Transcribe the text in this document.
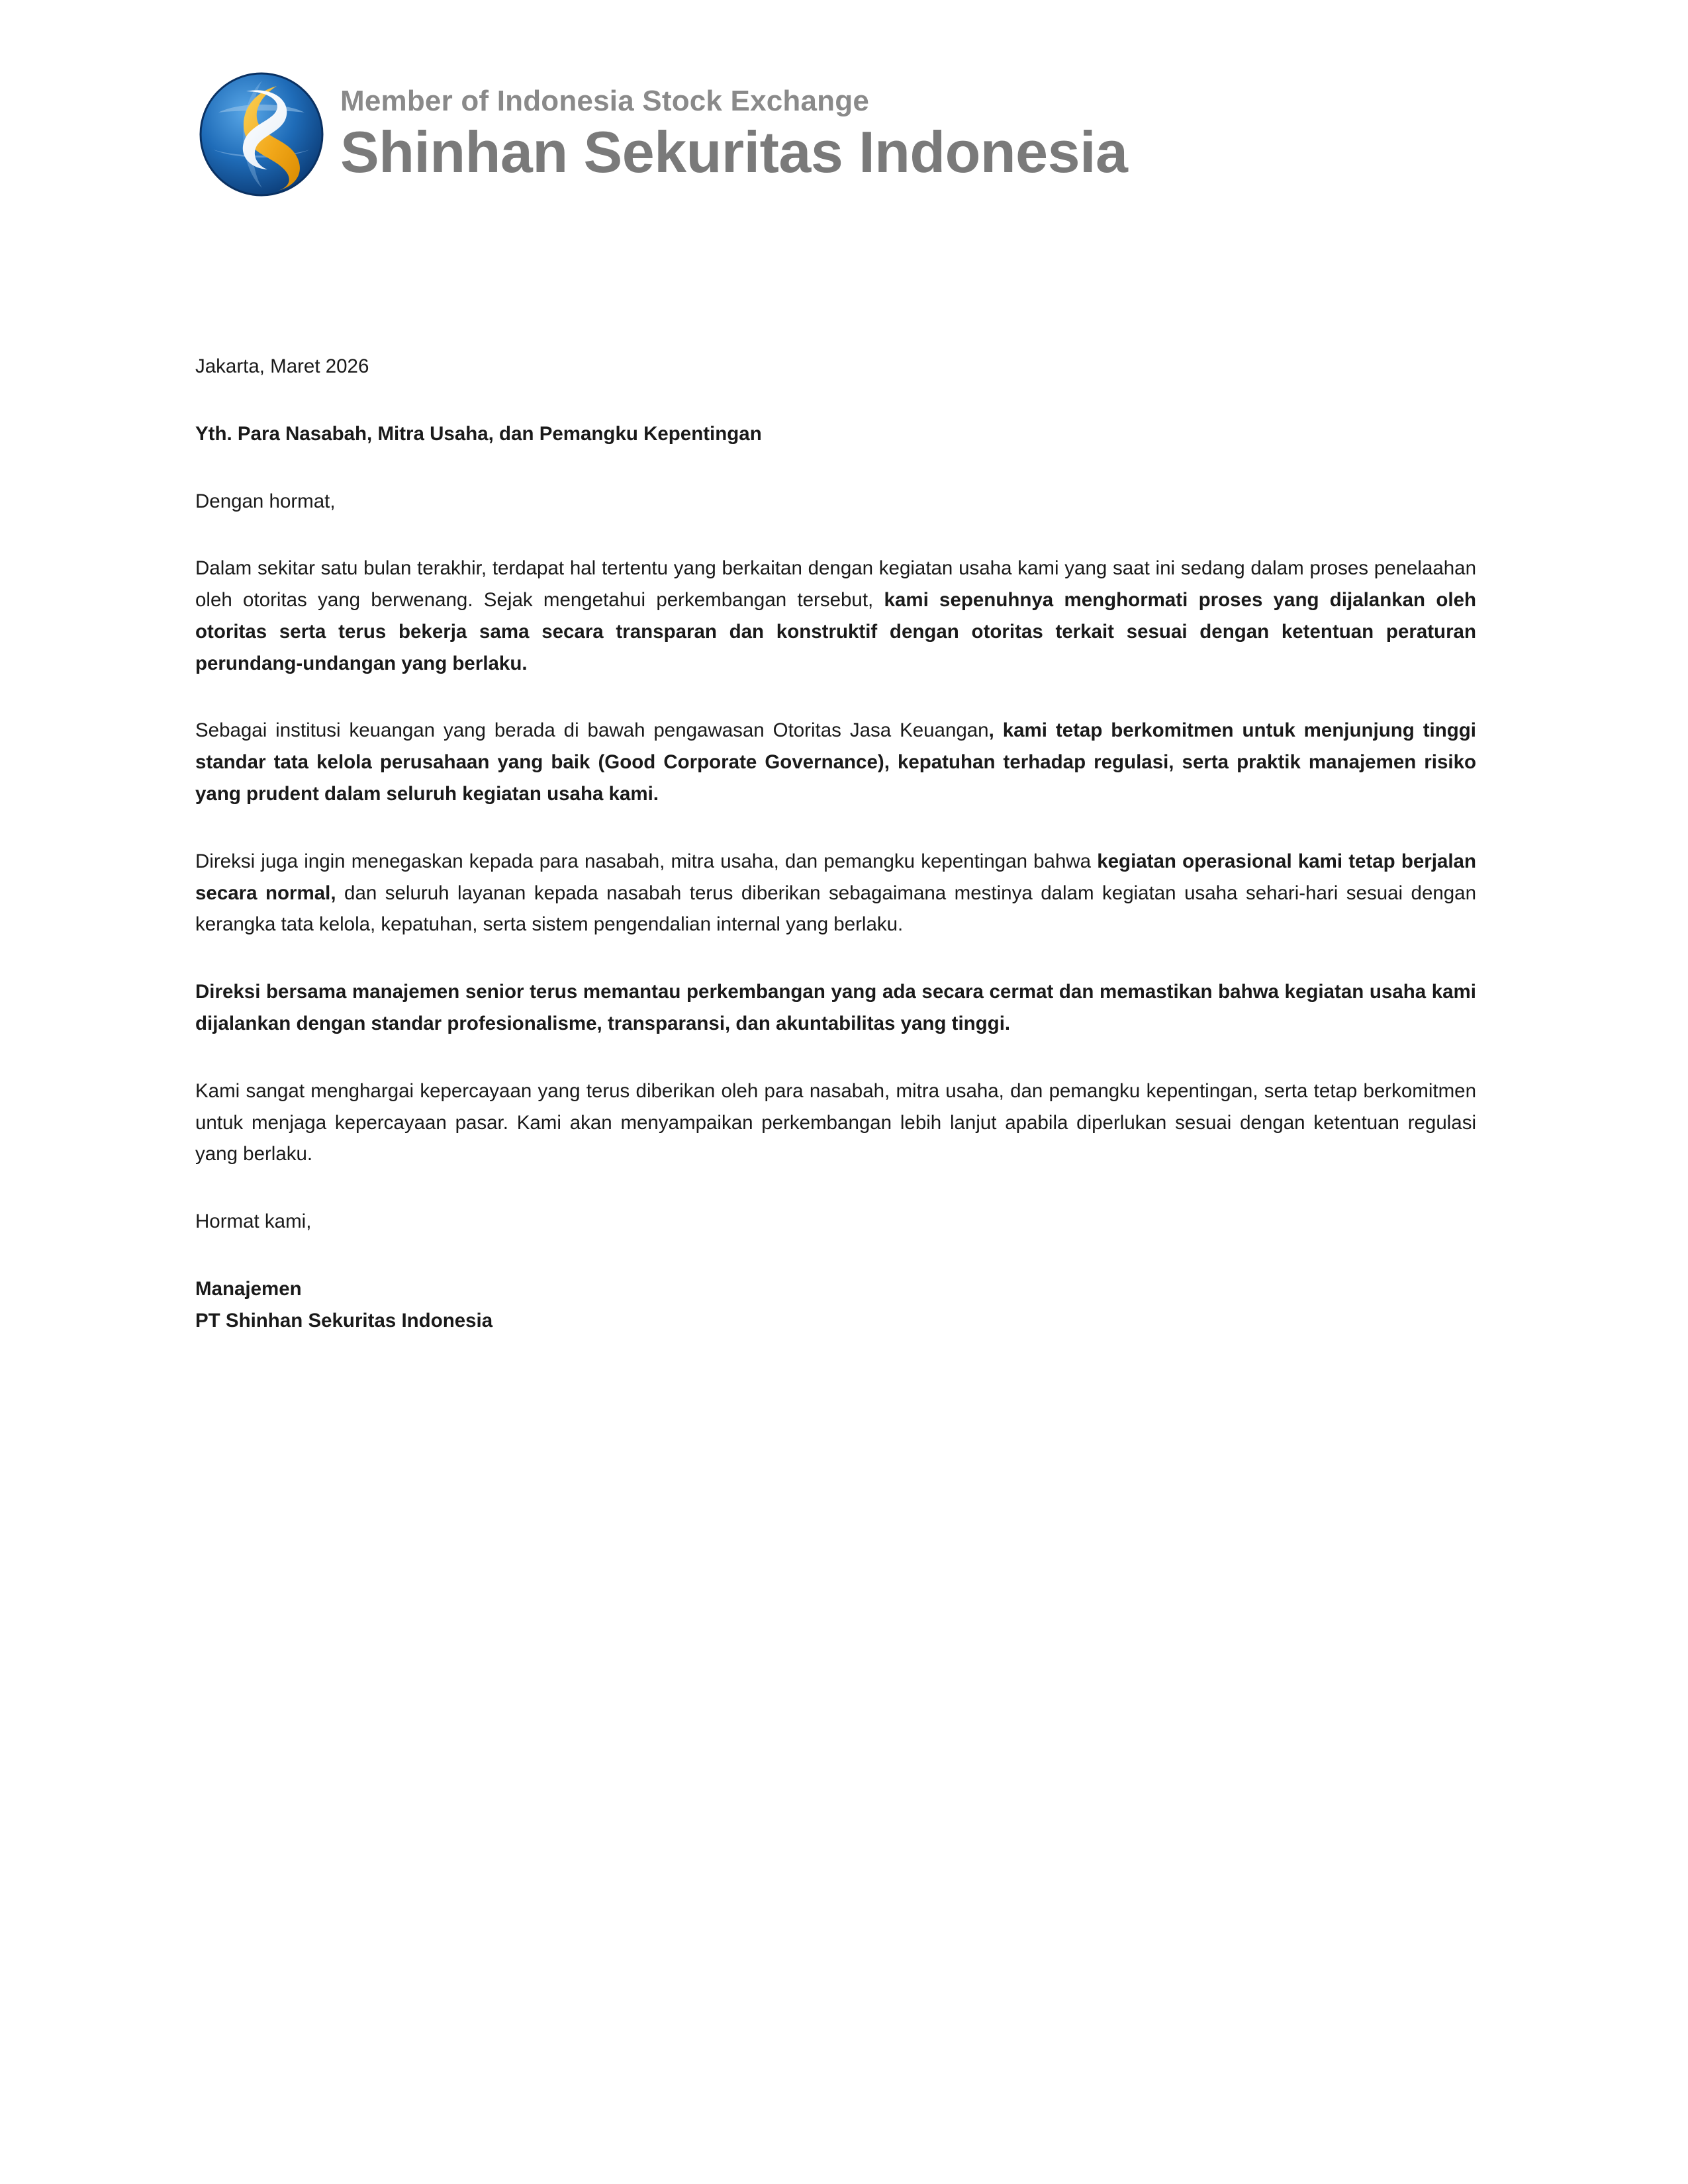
Member of Indonesia Stock Exchange
Shinhan Sekuritas Indonesia

Jakarta, Maret 2026

Yth. Para Nasabah, Mitra Usaha, dan Pemangku Kepentingan

Dengan hormat,

Dalam sekitar satu bulan terakhir, terdapat hal tertentu yang berkaitan dengan kegiatan usaha kami yang saat ini sedang dalam proses penelaahan oleh otoritas yang berwenang. Sejak mengetahui perkembangan tersebut, kami sepenuhnya menghormati proses yang dijalankan oleh otoritas serta terus bekerja sama secara transparan dan konstruktif dengan otoritas terkait sesuai dengan ketentuan peraturan perundang-undangan yang berlaku.

Sebagai institusi keuangan yang berada di bawah pengawasan Otoritas Jasa Keuangan, kami tetap berkomitmen untuk menjunjung tinggi standar tata kelola perusahaan yang baik (Good Corporate Governance), kepatuhan terhadap regulasi, serta praktik manajemen risiko yang prudent dalam seluruh kegiatan usaha kami.

Direksi juga ingin menegaskan kepada para nasabah, mitra usaha, dan pemangku kepentingan bahwa kegiatan operasional kami tetap berjalan secara normal, dan seluruh layanan kepada nasabah terus diberikan sebagaimana mestinya dalam kegiatan usaha sehari-hari sesuai dengan kerangka tata kelola, kepatuhan, serta sistem pengendalian internal yang berlaku.

Direksi bersama manajemen senior terus memantau perkembangan yang ada secara cermat dan memastikan bahwa kegiatan usaha kami dijalankan dengan standar profesionalisme, transparansi, dan akuntabilitas yang tinggi.

Kami sangat menghargai kepercayaan yang terus diberikan oleh para nasabah, mitra usaha, dan pemangku kepentingan, serta tetap berkomitmen untuk menjaga kepercayaan pasar. Kami akan menyampaikan perkembangan lebih lanjut apabila diperlukan sesuai dengan ketentuan regulasi yang berlaku.

Hormat kami,

Manajemen

PT Shinhan Sekuritas Indonesia
